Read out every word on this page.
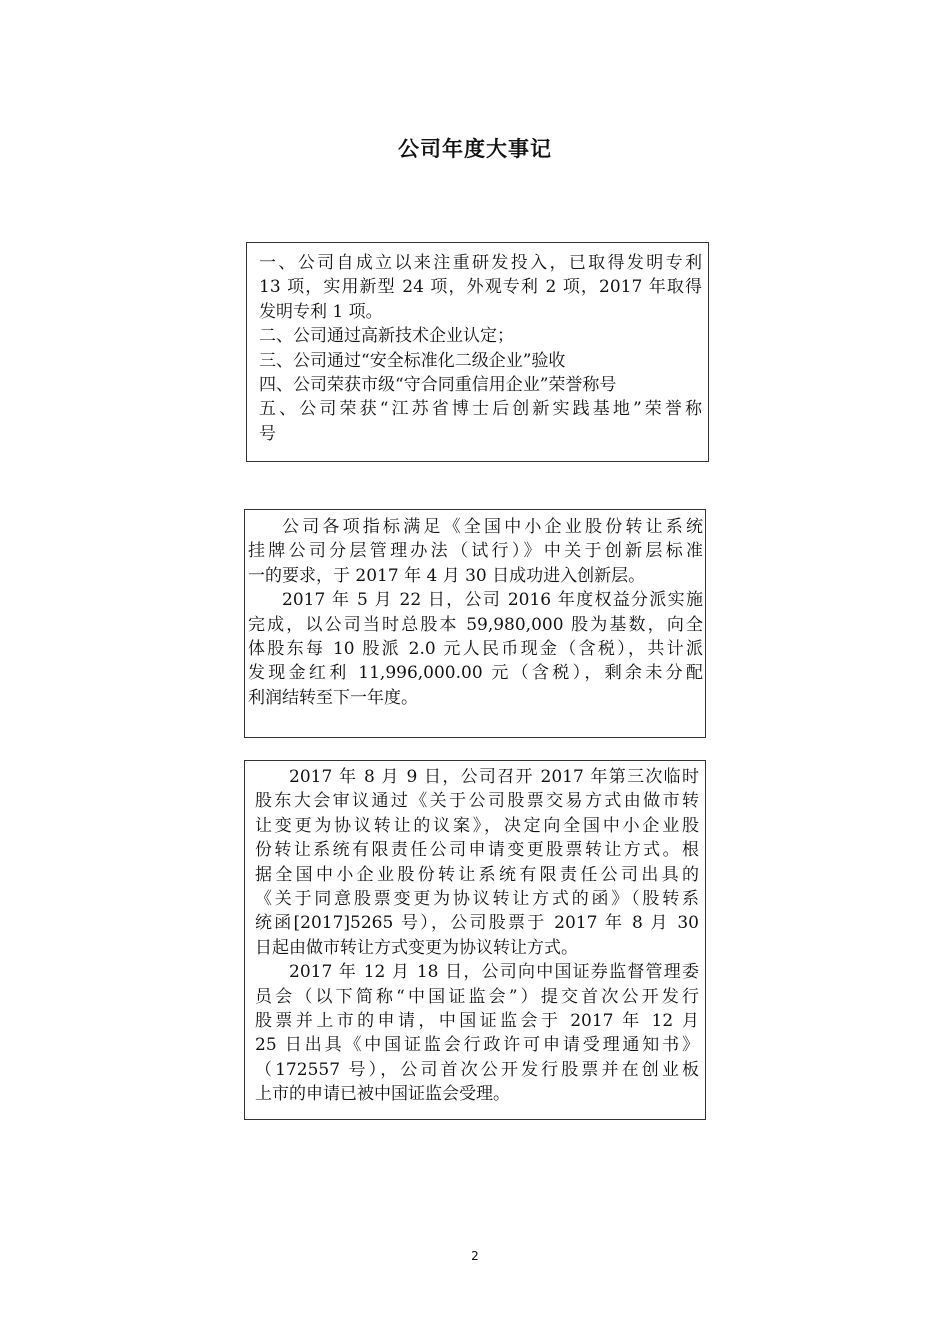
公司年度大事记
一、公司自成立以来注重研发投入，已取得发明专利
13 项，实用新型 24 项，外观专利 2 项，2017 年取得
发明专利 1 项。
二、公司通过高新技术企业认定；
三、公司通过“安全标准化二级企业”验收
四、公司荣获市级“守合同重信用企业”荣誉称号
五、公司荣获“江苏省博士后创新实践基地”荣誉称
号
公司各项指标满足《全国中小企业股份转让系统
挂牌公司分层管理办法（试行）》中关于创新层标准
一的要求，于 2017 年 4 月 30 日成功进入创新层。
2017 年 5 月 22 日，公司 2016 年度权益分派实施
完成，以公司当时总股本 59,980,000 股为基数，向全
体股东每 10 股派 2.0 元人民币现金（含税），共计派
发现金红利 11,996,000.00 元（含税），剩余未分配
利润结转至下一年度。
2017 年 8 月 9 日，公司召开 2017 年第三次临时
股东大会审议通过《关于公司股票交易方式由做市转
让变更为协议转让的议案》，决定向全国中小企业股
份转让系统有限责任公司申请变更股票转让方式。根
据全国中小企业股份转让系统有限责任公司出具的
《关于同意股票变更为协议转让方式的函》（股转系
统函[2017]5265 号），公司股票于 2017 年 8 月 30
日起由做市转让方式变更为协议转让方式。
2017 年 12 月 18 日，公司向中国证券监督管理委
员会（以下简称“中国证监会”）提交首次公开发行
股票并上市的申请，中国证监会于 2017 年 12 月
25 日出具《中国证监会行政许可申请受理通知书》
（172557 号），公司首次公开发行股票并在创业板
上市的申请已被中国证监会受理。
2
